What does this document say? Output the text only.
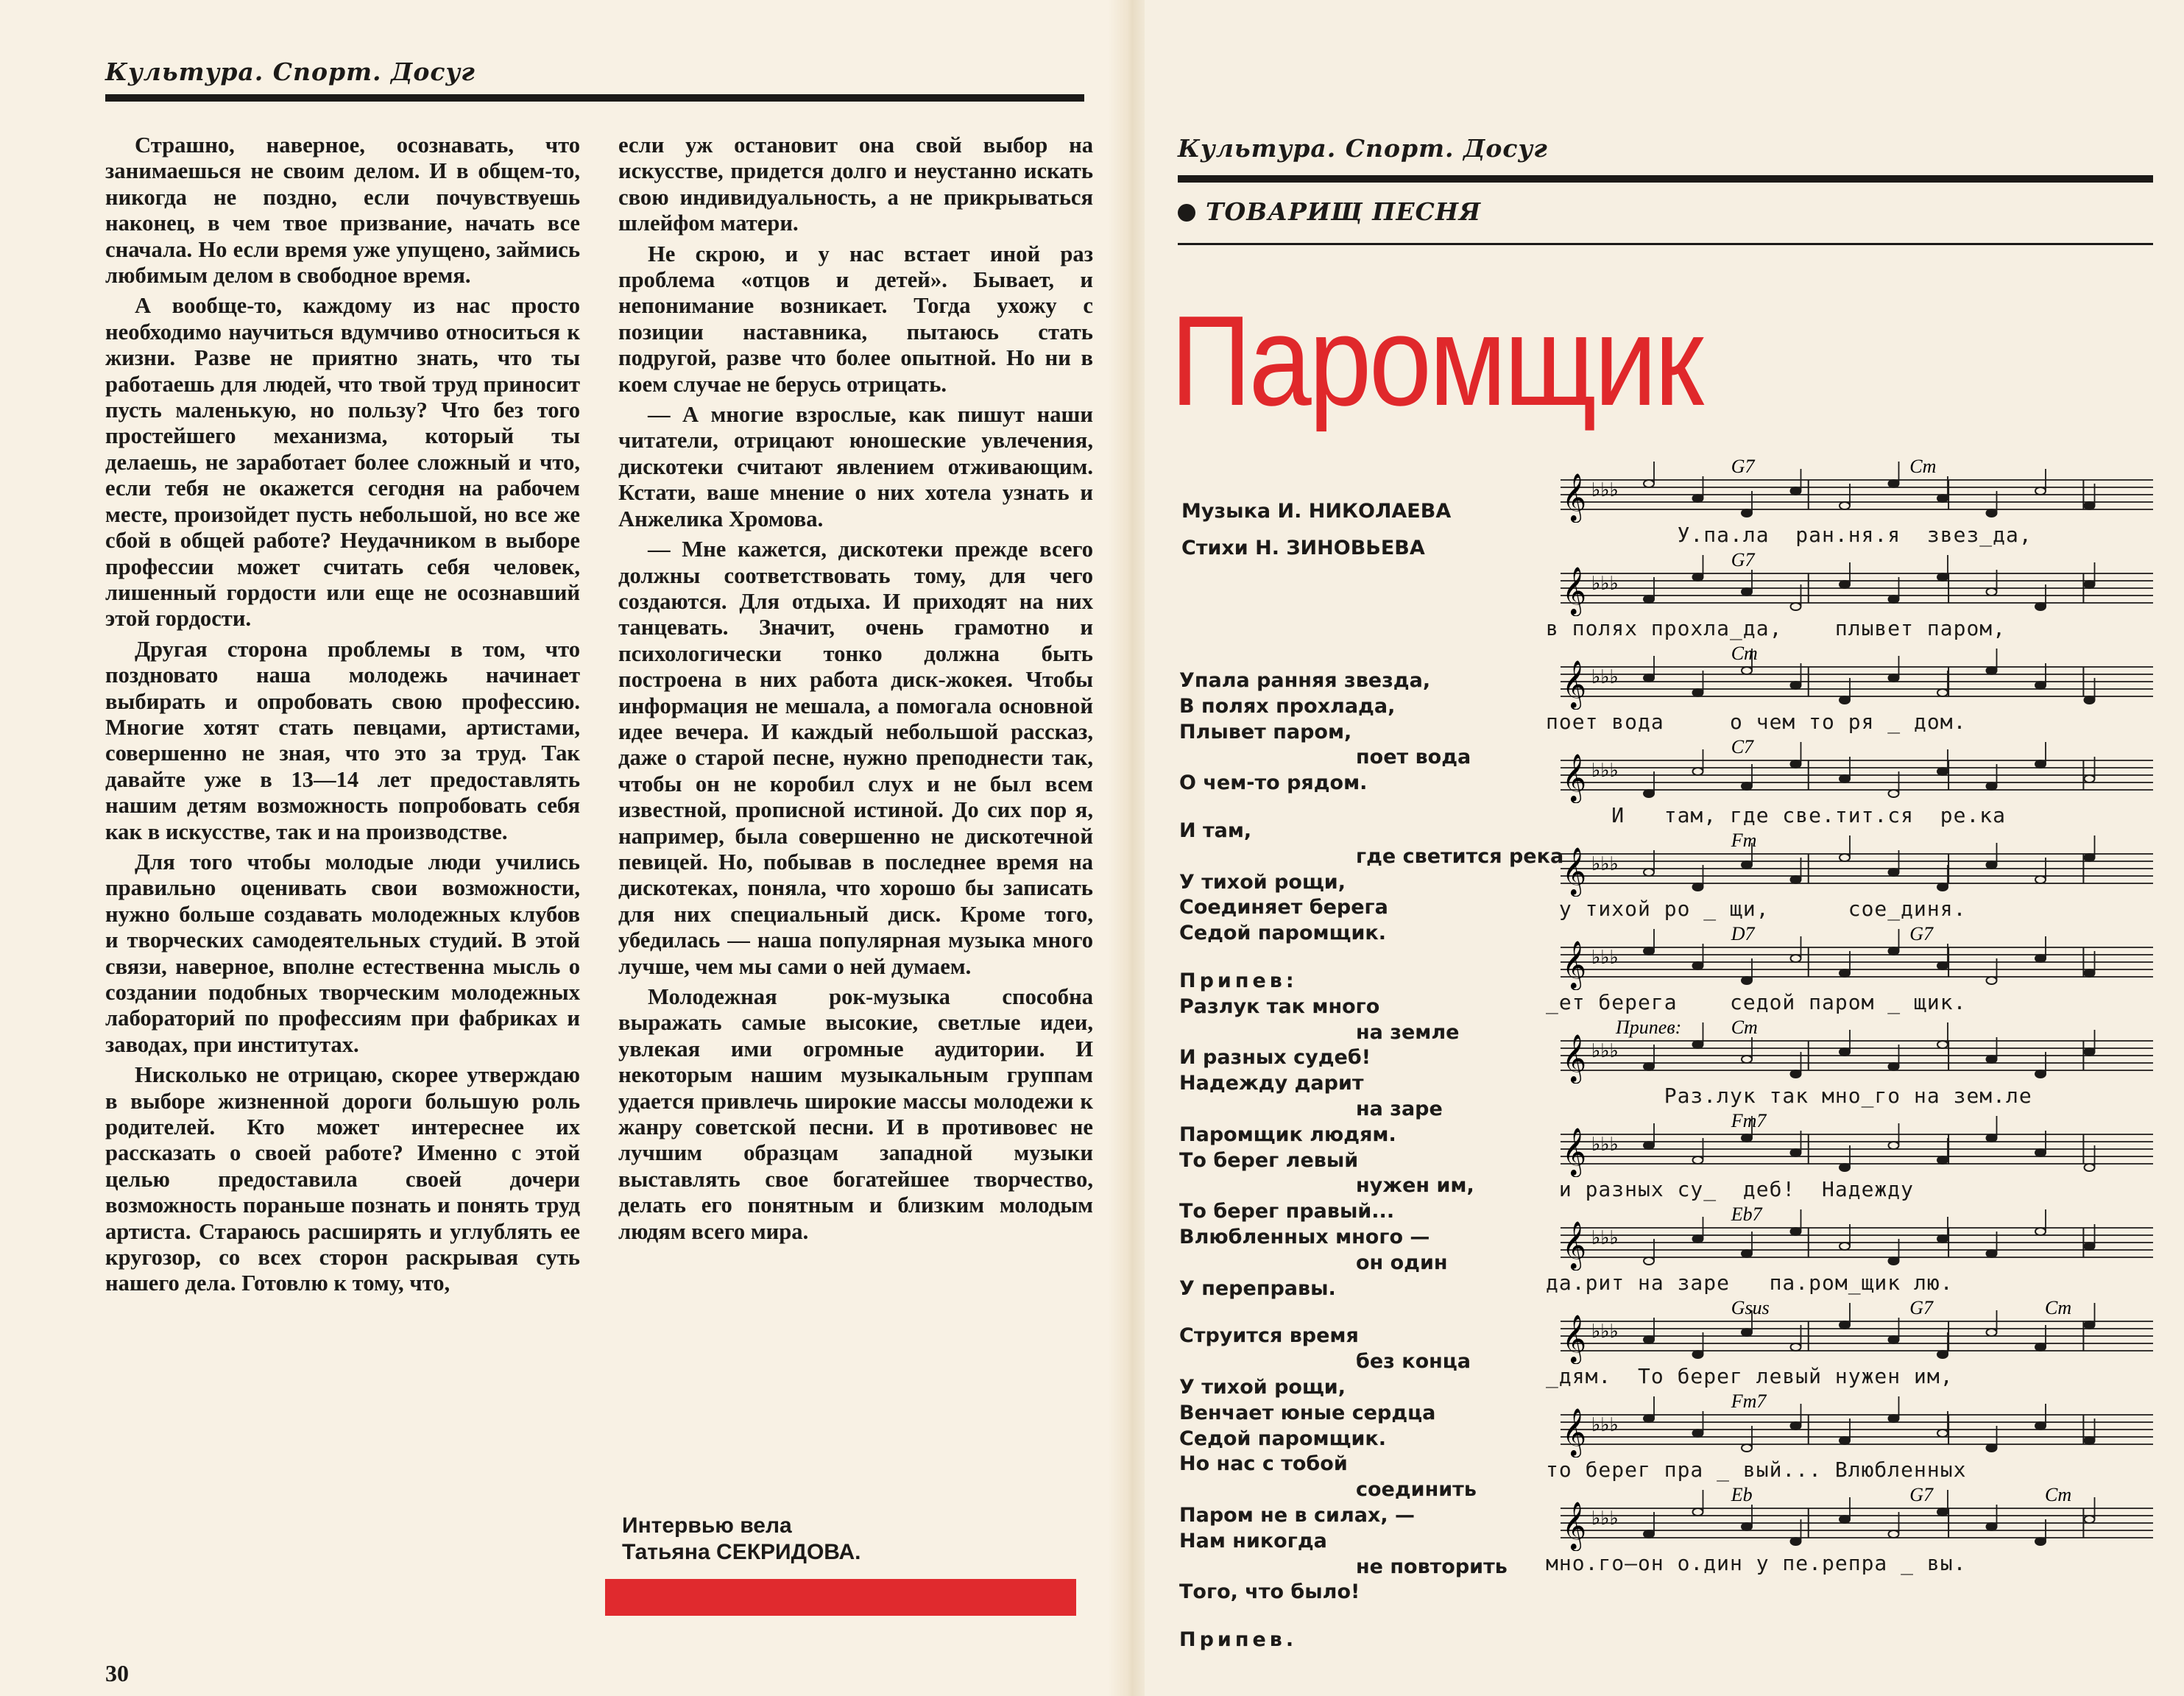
Культура. Спорт. Досуг

Страшно, наверное, осознавать, что занимаешься не своим делом. И в общем-то, никогда не поздно, если почувствуешь наконец, в чем твое призвание, начать все сначала. Но если время уже упущено, займись любимым делом в свободное время.

А вообще-то, каждому из нас просто необходимо научиться вдумчиво относиться к жизни. Разве не приятно знать, что ты работаешь для людей, что твой труд приносит пусть маленькую, но пользу? Что без того простейшего механизма, который ты делаешь, не заработает более сложный и что, если тебя не окажется сегодня на рабочем месте, произойдет пусть небольшой, но все же сбой в общей работе? Неудачником в выборе профессии может считать себя человек, лишенный гордости или еще не осознавший этой гордости.

Другая сторона проблемы в том, что поздновато наша молодежь начинает выбирать и опробовать свою профессию. Многие хотят стать певцами, артистами, совершенно не зная, что это за труд. Так давайте уже в 13—14 лет предоставлять нашим детям возможность попробовать себя как в искусстве, так и на производстве.

Для того чтобы молодые люди учились правильно оценивать свои возможности, нужно больше создавать молодежных клубов и творческих самодеятельных студий. В этой связи, наверное, вполне естественна мысль о создании подобных творческим молодежных лабораторий по профессиям при фабриках и заводах, при институтах.

Нисколько не отрицаю, скорее утверждаю в выборе жизненной дороги большую роль родителей. Кто может интереснее их рассказать о своей работе? Именно с этой целью предоставила своей дочери возможность пораньше познать и понять труд артиста. Стараюсь расширять и углублять ее кругозор, со всех сторон раскрывая суть нашего дела. Готовлю к тому, что,

если уж остановит она свой выбор на искусстве, придется долго и неустанно искать свою индивидуальность, а не прикрываться шлейфом матери.

Не скрою, и у нас встает иной раз проблема «отцов и детей». Бывает, и непонимание возникает. Тогда ухожу с позиции наставника, пытаюсь стать подругой, разве что более опытной. Но ни в коем случае не берусь отрицать.

— А многие взрослые, как пишут наши читатели, отрицают юношеские увлечения, дискотеки считают явлением отживающим. Кстати, ваше мнение о них хотела узнать и Анжелика Хромова.

— Мне кажется, дискотеки прежде всего должны соответствовать тому, для чего создаются. Для отдыха. И приходят на них танцевать. Значит, очень грамотно и психологически тонко должна быть построена в них работа диск-жокея. Чтобы информация не мешала, а помогала основной идее вечера. И каждый небольшой рассказ, даже о старой песне, нужно преподнести так, чтобы он не коробил слух и не был всем известной, прописной истиной. До сих пор я, например, была совершенно не дискотечной певицей. Но, побывав в последнее время на дискотеках, поняла, что хорошо бы записать для них специальный диск. Кроме того, убедилась — наша популярная музыка много лучше, чем мы сами о ней думаем.

Молодежная рок-музыка способна выражать самые высокие, светлые идеи, увлекая ими огромные аудитории. И некоторым нашим музыкальным группам удается привлечь широкие массы молодежи к жанру советской песни. И в противовес не лучшим образцам западной музыки выставлять свое богатейшее творчество, делать его понятным и близким молодым людям всего мира.

Интервью вела
Татьяна СЕКРИДОВА.
30
Культура. Спорт. Досуг
ТОВАРИЩ ПЕСНЯ
Паромщик
Музыка И. НИКОЛАЕВА
Стихи Н. ЗИНОВЬЕВА
Упала ранняя звезда,
В полях прохлада,
Плывет паром,
поет вода
О чем-то рядом.
И там,
где светится река
У тихой рощи,
Соединяет берега
Седой паромщик.
Припев:
Разлук так много
на земле
И разных судеб!
Надежду дарит
на заре
Паромщик людям.
То берег левый
нужен им,
То берег правый...
Влюбленных много —
он один
У переправы.
Струится время
без конца
У тихой рощи,
Венчает юные сердца
Седой паромщик.
Но нас с тобой
соединить
Паром не в силах, —
Нам никогда
не повторить
Того, что было!
Припев.
𝄞 ♭♭♭
G7	Cm
У.па.ла  ран.ня.я  звез_да,
𝄞 ♭♭♭
G7
в полях прохла_да,    плывет паром,
𝄞 ♭♭♭
Cm
поет вода     о чем то ря _ дом.
𝄞 ♭♭♭
C7
И   там, где све.тит.ся  ре.ка
𝄞 ♭♭♭
Fm
у тихой ро _ щи,      сое_диня.
𝄞 ♭♭♭
D7	G7
_ет берега    седой паром _ щик.
𝄞 ♭♭♭
Cm
Припев:
Раз.лук так мно_го на зем.ле
𝄞 ♭♭♭
Fm7
и разных су_  деб!  Надежду
𝄞 ♭♭♭
Eb7
да.рит на заре   па.ром_щик лю.
𝄞 ♭♭♭
Gsus	G7	Cm
_дям.  То берег левый нужен им,
𝄞 ♭♭♭
Fm7
то берег пра _ вый... Влюбленных
𝄞 ♭♭♭
Eb	G7	Cm
мно.го—он о.дин у пе.репра _ вы.
